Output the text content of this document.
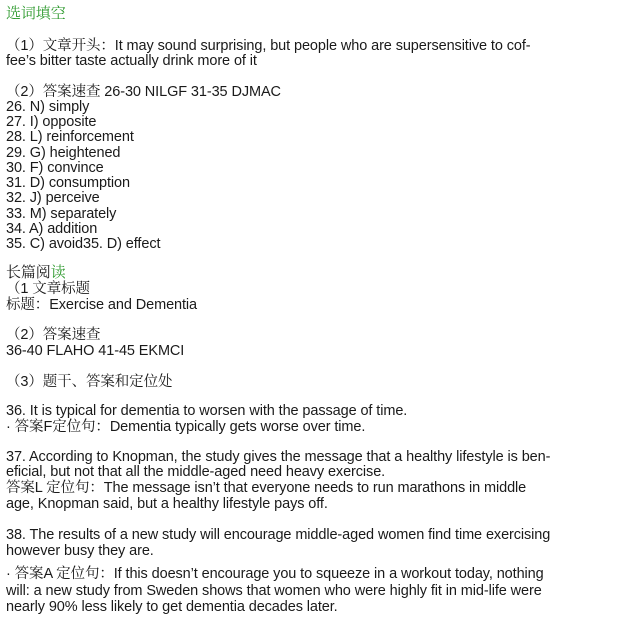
选词填空
（1）文章开头：It may sound surprising, but people who are supersensitive to cof-
fee’s bitter taste actually drink more of it
（2）答案速查 26-30 NILGF 31-35 DJMAC
26. N) simply
27. I) opposite
28. L) reinforcement
29. G) heightened
30. F) convince
31. D) consumption
32. J) perceive
33. M) separately
34. A) addition
35. C) avoid35. D) effect
长篇阅读
（1 文章标题
标题：Exercise and Dementia
（2）答案速查
36-40 FLAHO 41-45 EKMCI
（3）题干、答案和定位处
36. It is typical for dementia to worsen with the passage of time.
· 答案F定位句：Dementia typically gets worse over time.
37. According to Knopman, the study gives the message that a healthy lifestyle is ben-
eficial, but not that all the middle-aged need heavy exercise.
答案L 定位句：The message isn’t that everyone needs to run marathons in middle
age, Knopman said, but a healthy lifestyle pays off.
38. The results of a new study will encourage middle-aged women find time exercising
however busy they are.
· 答案A 定位句：If this doesn’t encourage you to squeeze in a workout today, nothing
will: a new study from Sweden shows that women who were highly fit in mid-life were
nearly 90% less likely to get dementia decades later.
